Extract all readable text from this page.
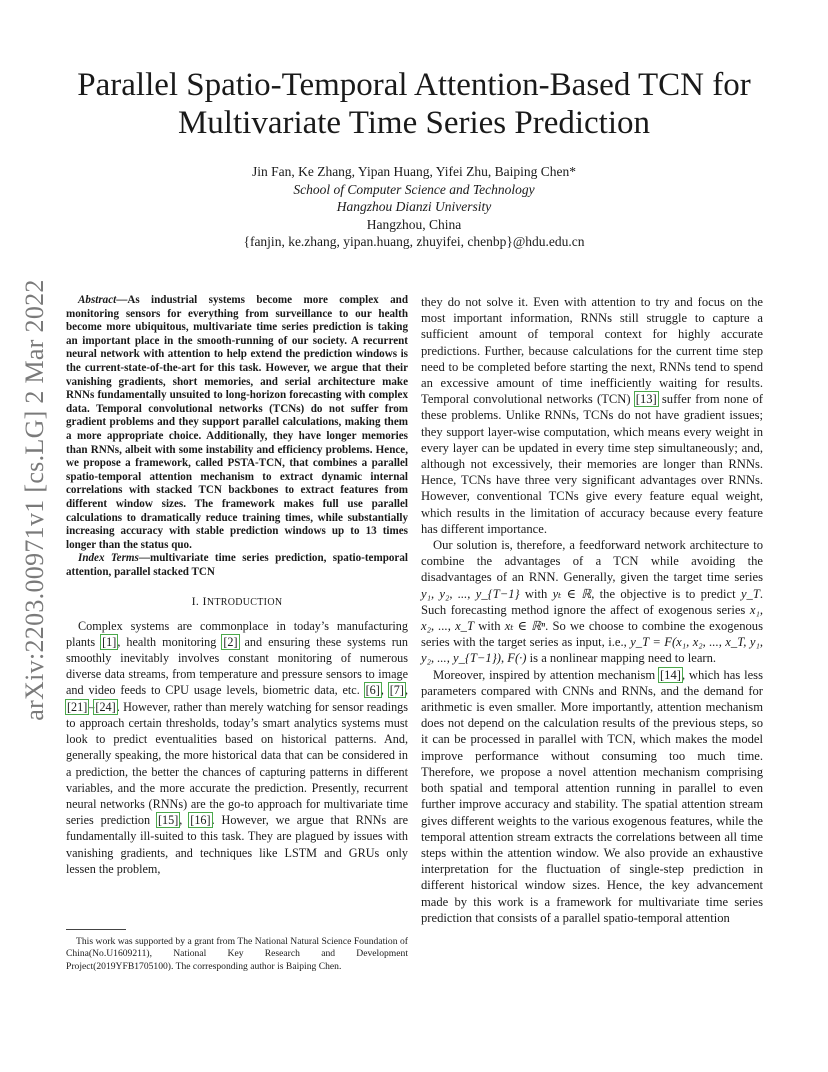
arXiv:2203.00971v1 [cs.LG] 2 Mar 2022
Parallel Spatio-Temporal Attention-Based TCN for
Multivariate Time Series Prediction
Jin Fan, Ke Zhang, Yipan Huang, Yifei Zhu, Baiping Chen*
School of Computer Science and Technology
Hangzhou Dianzi University
Hangzhou, China
{fanjin, ke.zhang, yipan.huang, zhuyifei, chenbp}@hdu.edu.cn

Abstract—As industrial systems become more complex and monitoring sensors for everything from surveillance to our health become more ubiquitous, multivariate time series prediction is taking an important place in the smooth-running of our society. A recurrent neural network with attention to help extend the prediction windows is the current-state-of-the-art for this task. However, we argue that their vanishing gradients, short memories, and serial architecture make RNNs fundamentally unsuited to long-horizon forecasting with complex data. Temporal convolutional networks (TCNs) do not suffer from gradient problems and they support parallel calculations, making them a more appropriate choice. Additionally, they have longer memories than RNNs, albeit with some instability and efficiency problems. Hence, we propose a framework, called PSTA-TCN, that combines a parallel spatio-temporal attention mechanism to extract dynamic internal correlations with stacked TCN backbones to extract features from different window sizes. The framework makes full use parallel calculations to dramatically reduce training times, while substantially increasing accuracy with stable prediction windows up to 13 times longer than the status quo.

Index Terms—multivariate time series prediction, spatio-temporal attention, parallel stacked TCN

I. INTRODUCTION

Complex systems are commonplace in today’s manufacturing plants [1], health monitoring [2] and ensuring these systems run smoothly inevitably involves constant monitoring of numerous diverse data streams, from temperature and pressure sensors to image and video feeds to CPU usage levels, biometric data, etc. [6], [7], [21]–[24]. However, rather than merely watching for sensor readings to approach certain thresholds, today’s smart analytics systems must look to predict eventualities based on historical patterns. And, generally speaking, the more historical data that can be considered in a prediction, the better the chances of capturing patterns in different variables, and the more accurate the prediction. Presently, recurrent neural networks (RNNs) are the go-to approach for multivariate time series prediction [15], [16]. However, we argue that RNNs are fundamentally ill-suited to this task. They are plagued by issues with vanishing gradients, and techniques like LSTM and GRUs only lessen the problem,

This work was supported by a grant from The National Natural Science Foundation of China(No.U1609211), National Key Research and Development Project(2019YFB1705100). The corresponding author is Baiping Chen.

they do not solve it. Even with attention to try and focus on the most important information, RNNs still struggle to capture a sufficient amount of temporal context for highly accurate predictions. Further, because calculations for the current time step need to be completed before starting the next, RNNs tend to spend an excessive amount of time inefficiently waiting for results. Temporal convolutional networks (TCN) [13] suffer from none of these problems. Unlike RNNs, TCNs do not have gradient issues; they support layer-wise computation, which means every weight in every layer can be updated in every time step simultaneously; and, although not excessively, their memories are longer than RNNs. Hence, TCNs have three very significant advantages over RNNs. However, conventional TCNs give every feature equal weight, which results in the limitation of accuracy because every feature has different importance.

Our solution is, therefore, a feedforward network architecture to combine the advantages of a TCN while avoiding the disadvantages of an RNN. Generally, given the target time series y₁, y₂, ..., y_{T−1} with yₜ ∈ ℝ, the objective is to predict y_T. Such forecasting method ignore the affect of exogenous series x₁, x₂, ..., x_T with xₜ ∈ ℝⁿ. So we choose to combine the exogenous series with the target series as input, i.e., y_T = F(x₁, x₂, ..., x_T, y₁, y₂, ..., y_{T−1}), F(·) is a nonlinear mapping need to learn.

Moreover, inspired by attention mechanism [14], which has less parameters compared with CNNs and RNNs, and the demand for arithmetic is even smaller. More importantly, attention mechanism does not depend on the calculation results of the previous steps, so it can be processed in parallel with TCN, which makes the model improve performance without consuming too much time. Therefore, we propose a novel attention mechanism comprising both spatial and temporal attention running in parallel to even further improve accuracy and stability. The spatial attention stream gives different weights to the various exogenous features, while the temporal attention stream extracts the correlations between all time steps within the attention window. We also provide an exhaustive interpretation for the fluctuation of single-step prediction in different historical window sizes. Hence, the key advancement made by this work is a framework for multivariate time series prediction that consists of a parallel spatio-temporal attention
